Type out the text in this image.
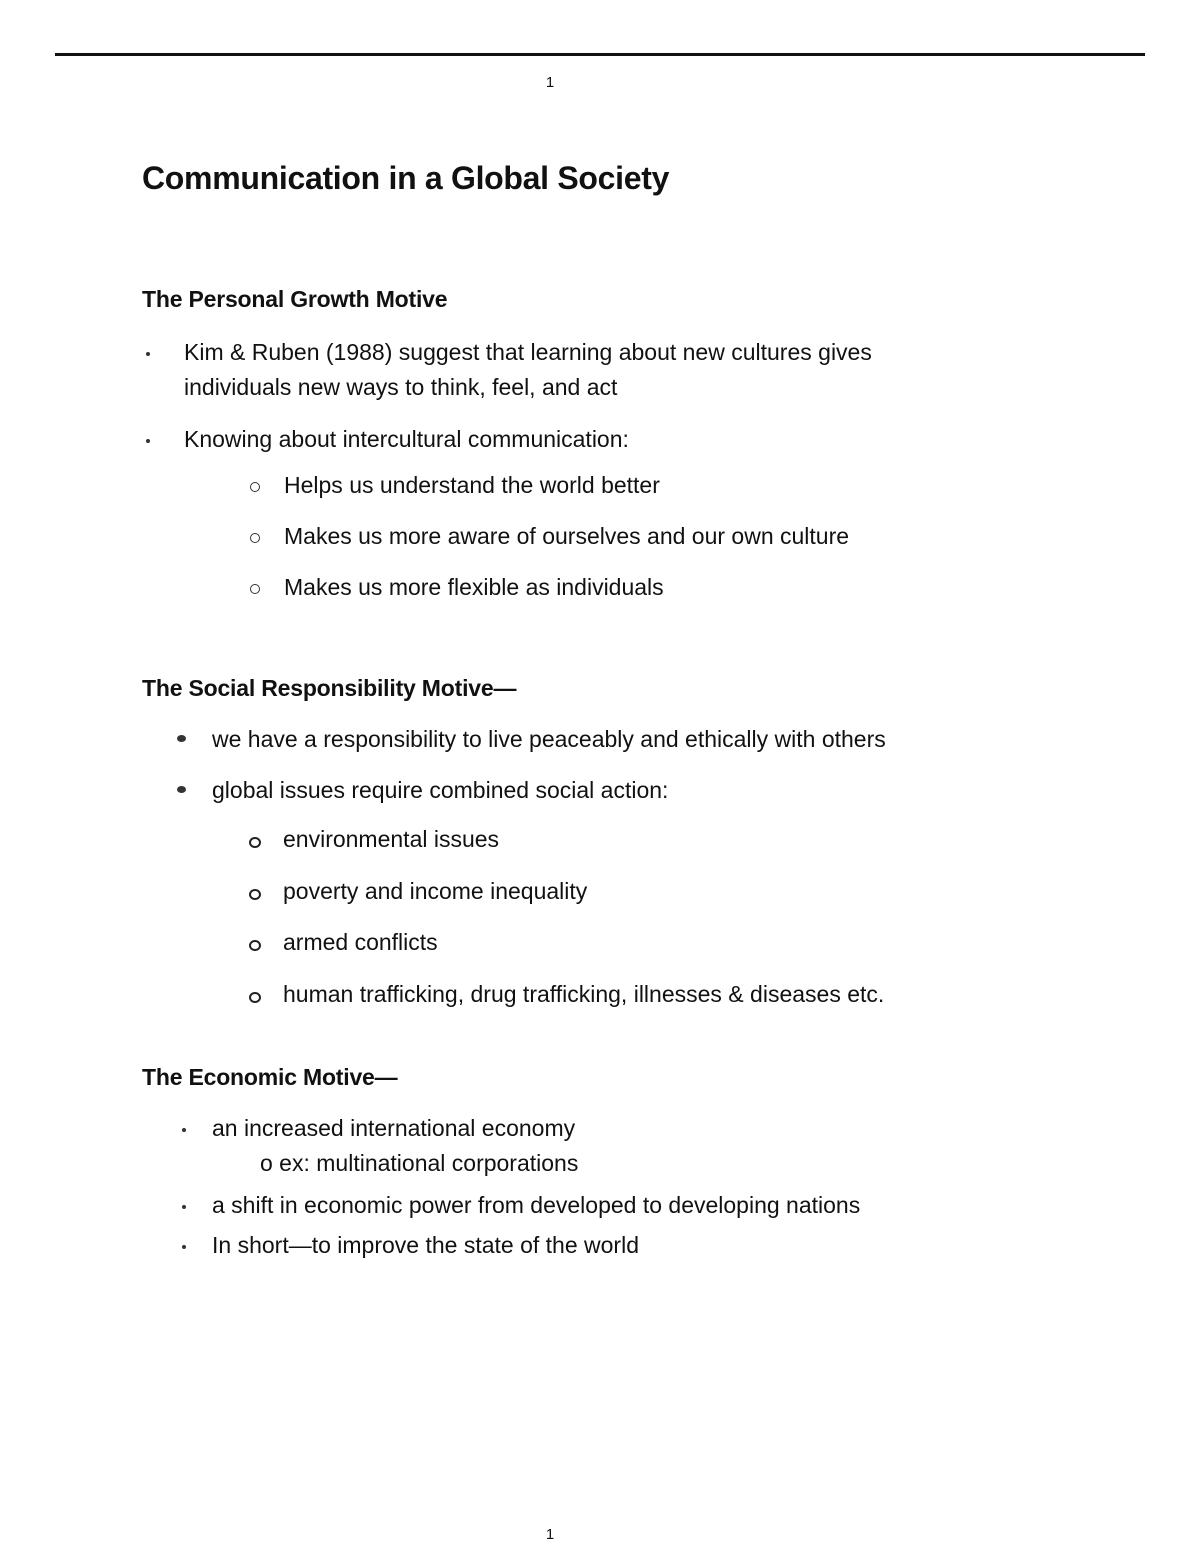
1
Communication in a Global Society
The Personal Growth Motive
Kim & Ruben (1988) suggest that learning about new cultures gives
individuals new ways to think, feel, and act
Knowing about intercultural communication:
Helps us understand the world better
Makes us more aware of ourselves and our own culture
Makes us more flexible as individuals
The Social Responsibility Motive—
we have a responsibility to live peaceably and ethically with others
global issues require combined social action:
environmental issues
poverty and income inequality
armed conflicts
human trafficking, drug trafficking, illnesses & diseases etc.
The Economic Motive—
an increased international economy
o ex: multinational corporations
a shift in economic power from developed to developing nations
In short—to improve the state of the world
1
